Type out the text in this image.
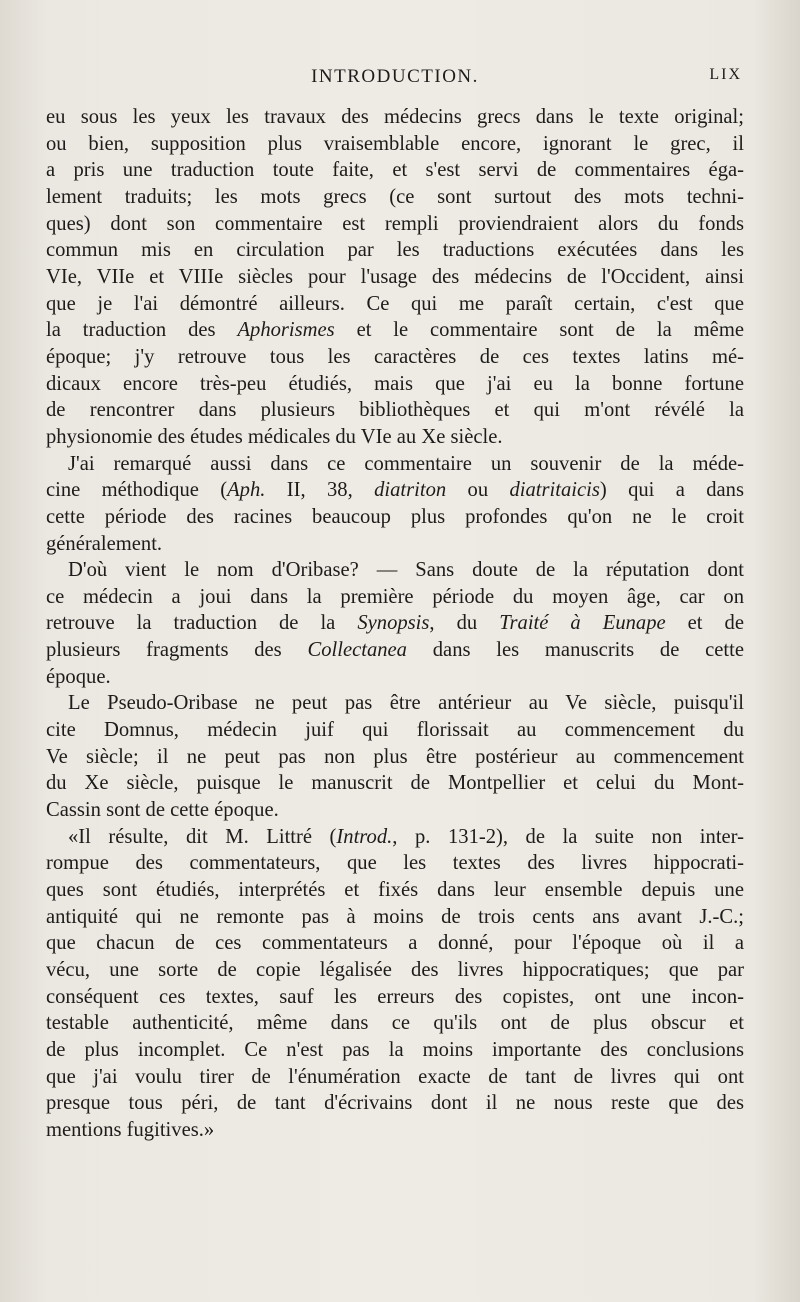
INTRODUCTION.	LIX
eu sous les yeux les travaux des médecins grecs dans le texte original;
ou bien, supposition plus vraisemblable encore, ignorant le grec, il
a pris une traduction toute faite, et s'est servi de commentaires éga-
lement traduits; les mots grecs (ce sont surtout des mots techni-
ques) dont son commentaire est rempli proviendraient alors du fonds
commun mis en circulation par les traductions exécutées dans les
VIe, VIIe et VIIIe siècles pour l'usage des médecins de l'Occident, ainsi
que je l'ai démontré ailleurs. Ce qui me paraît certain, c'est que
la traduction des Aphorismes et le commentaire sont de la même
époque; j'y retrouve tous les caractères de ces textes latins mé-
dicaux encore très-peu étudiés, mais que j'ai eu la bonne fortune
de rencontrer dans plusieurs bibliothèques et qui m'ont révélé la
physionomie des études médicales du VIe au Xe siècle.
J'ai remarqué aussi dans ce commentaire un souvenir de la méde-
cine méthodique (Aph. II, 38, diatriton ou diatritaicis) qui a dans
cette période des racines beaucoup plus profondes qu'on ne le croit
généralement.
D'où vient le nom d'Oribase? — Sans doute de la réputation dont
ce médecin a joui dans la première période du moyen âge, car on
retrouve la traduction de la Synopsis, du Traité à Eunape et de
plusieurs fragments des Collectanea dans les manuscrits de cette
époque.
Le Pseudo-Oribase ne peut pas être antérieur au Ve siècle, puisqu'il
cite Domnus, médecin juif qui florissait au commencement du
Ve siècle; il ne peut pas non plus être postérieur au commencement
du Xe siècle, puisque le manuscrit de Montpellier et celui du Mont-
Cassin sont de cette époque.
«Il résulte, dit M. Littré (Introd., p. 131-2), de la suite non inter-
rompue des commentateurs, que les textes des livres hippocrati-
ques sont étudiés, interprétés et fixés dans leur ensemble depuis une
antiquité qui ne remonte pas à moins de trois cents ans avant J.-C.;
que chacun de ces commentateurs a donné, pour l'époque où il a
vécu, une sorte de copie légalisée des livres hippocratiques; que par
conséquent ces textes, sauf les erreurs des copistes, ont une incon-
testable authenticité, même dans ce qu'ils ont de plus obscur et
de plus incomplet. Ce n'est pas la moins importante des conclusions
que j'ai voulu tirer de l'énumération exacte de tant de livres qui ont
presque tous péri, de tant d'écrivains dont il ne nous reste que des
mentions fugitives.»
